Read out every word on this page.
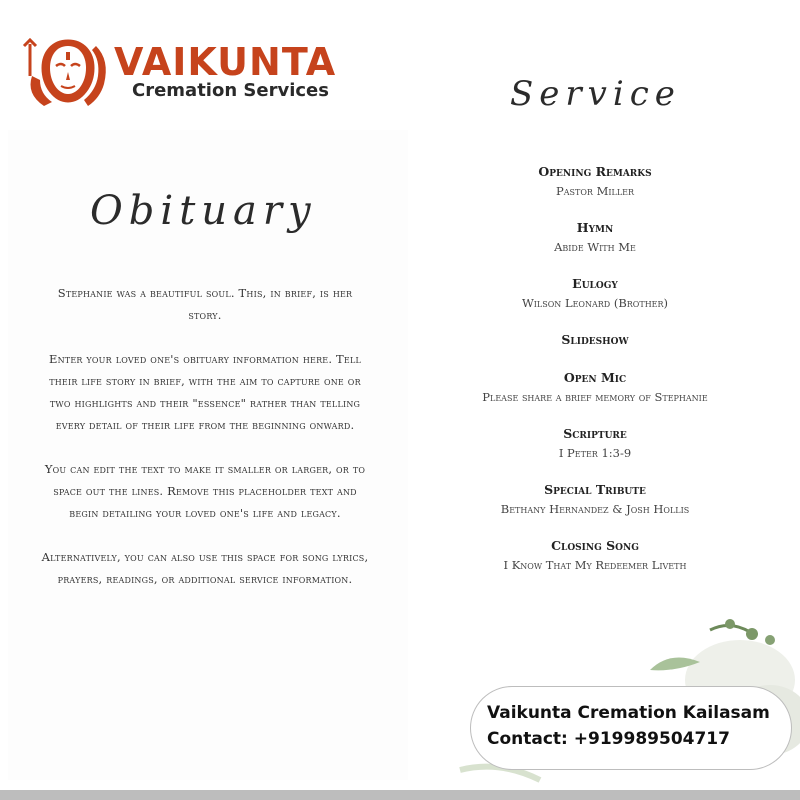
VAIKUNTA
Cremation Services
Obituary

Stephanie was a beautiful soul. This, in brief, is her story.

Enter your loved one's obituary information here. Tell their life story in brief, with the aim to capture one or two highlights and their "essence" rather than telling every detail of their life from the beginning onward.

You can edit the text to make it smaller or larger, or to space out the lines. Remove this placeholder text and begin detailing your loved one's life and legacy.

Alternatively, you can also use this space for song lyrics, prayers, readings, or additional service information.

Service
Opening Remarks
Pastor Miller
Hymn
Abide With Me
Eulogy
Wilson Leonard (Brother)
Slideshow
Open Mic
Please share a brief memory of Stephanie
Scripture
I Peter 1:3-9
Special Tribute
Bethany Hernandez & Josh Hollis
Closing Song
I Know That My Redeemer Liveth
Vaikunta Cremation Kailasam
Contact: +919989504717
